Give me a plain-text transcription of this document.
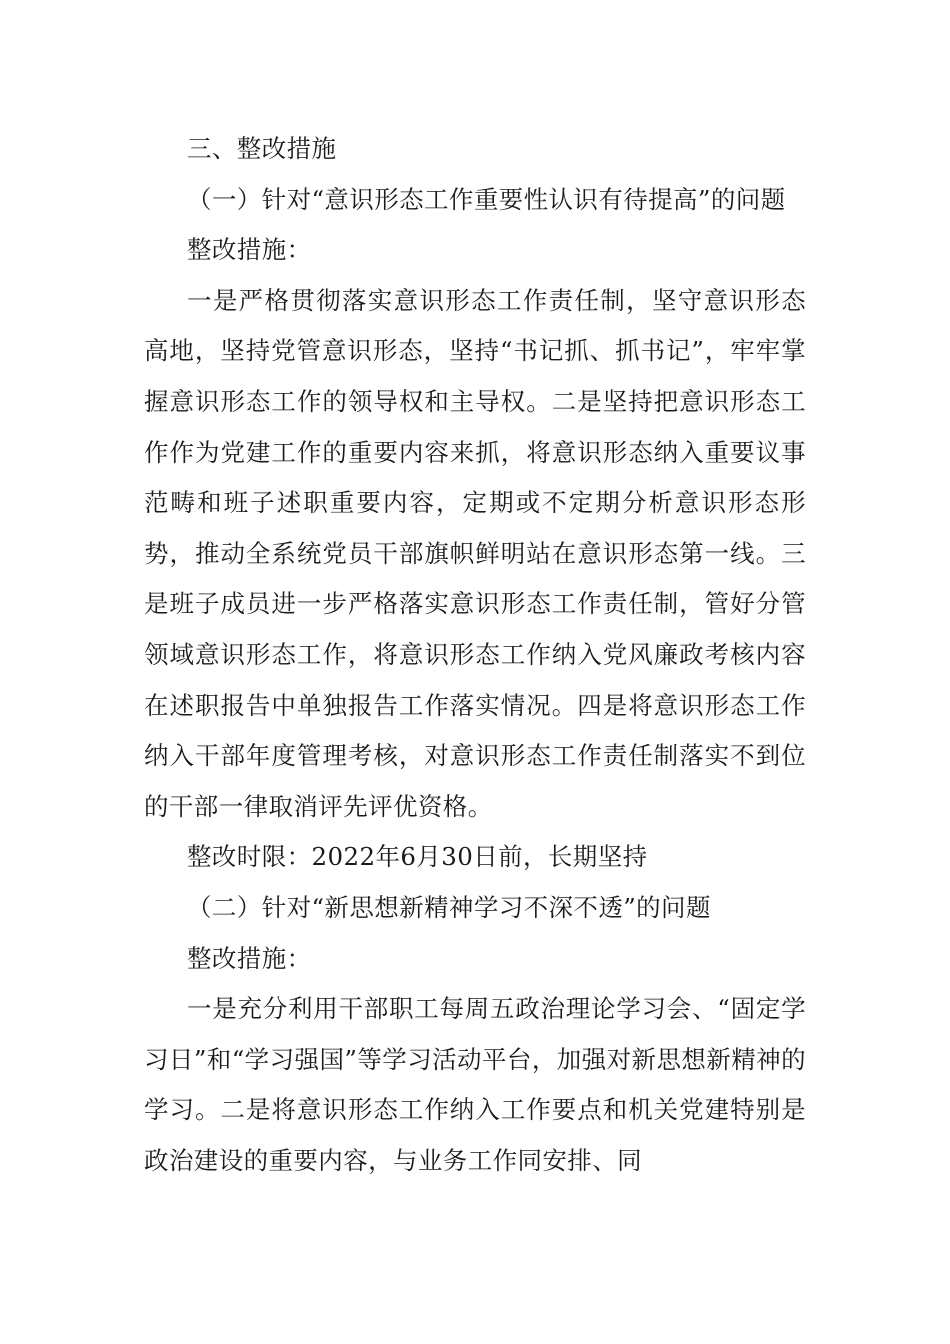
三、整改措施

（一）针对“意识形态工作重要性认识有待提高”的问题

整改措施：

一是严格贯彻落实意识形态工作责任制，坚守意识形态高地，坚持党管意识形态，坚持“书记抓、抓书记”，牢牢掌握意识形态工作的领导权和主导权。二是坚持把意识形态工作作为党建工作的重要内容来抓，将意识形态纳入重要议事范畴和班子述职重要内容，定期或不定期分析意识形态形势，推动全系统党员干部旗帜鲜明站在意识形态第一线。三是班子成员进一步严格落实意识形态工作责任制，管好分管领域意识形态工作，将意识形态工作纳入党风廉政考核内容在述职报告中单独报告工作落实情况。四是将意识形态工作纳入干部年度管理考核，对意识形态工作责任制落实不到位的干部一律取消评先评优资格。

整改时限：2022年6月30日前，长期坚持

（二）针对“新思想新精神学习不深不透”的问题

整改措施：

一是充分利用干部职工每周五政治理论学习会、“固定学习日”和“学习强国”等学习活动平台，加强对新思想新精神的学习。二是将意识形态工作纳入工作要点和机关党建特别是政治建设的重要内容，与业务工作同安排、同
